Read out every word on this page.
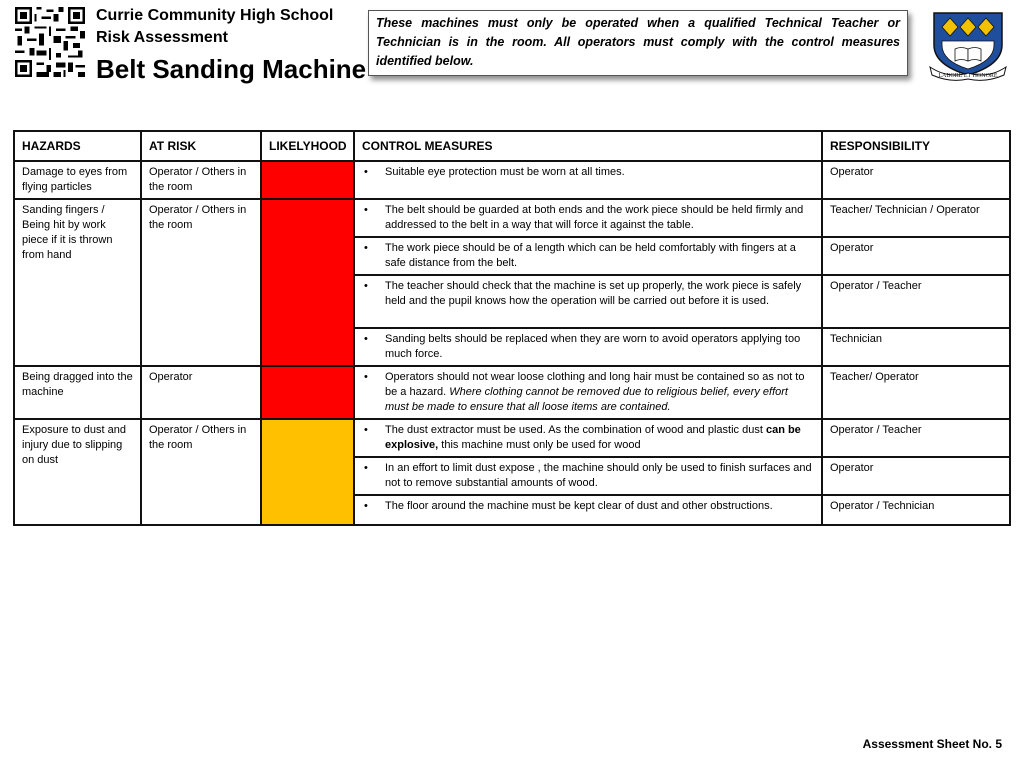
Currie Community High School
Risk Assessment
Belt Sanding Machine
These machines must only be operated when a qualified Technical Teacher or Technician is in the room. All operators must comply with the control measures identified below.
LABORE ET HONORE
HAZARDS	AT RISK	LIKELYHOOD	CONTROL MEASURES	RESPONSIBILITY
Damage to eyes from flying particles	Operator / Others in the room		• Suitable eye protection must be worn at all times.	Operator
Sanding fingers / Being hit by work piece if it is thrown from hand	Operator / Others in the room		• The belt should be guarded at both ends and the work piece should be held firmly and addressed to the belt in a way that will force it against the table.	Teacher/ Technician / Operator

			• The work piece should be of a length which can be held comfortably with fingers at a safe distance from the belt.	Operator

			• The teacher should check that the machine is set up properly, the work piece is safely held and the pupil knows how the operation will be carried out before it is used.	Operator / Teacher

			• Sanding belts should be replaced when they are worn to avoid operators applying too much force.	Technician
Being dragged into the machine	Operator		• Operators should not wear loose clothing and long hair must be contained so as not to be a hazard. Where clothing cannot be removed due to religious belief, every effort must be made to ensure that all loose items are contained.	Teacher/ Operator
Exposure to dust and injury due to slipping on dust	Operator / Others in the room		• The dust extractor must be used. As the combination of wood and plastic dust can be explosive, this machine must only be used for wood	Operator / Teacher

			• In an effort to limit dust expose , the machine should only be used to finish surfaces and not to remove substantial amounts of wood.	Operator

			• The floor around the machine must be kept clear of dust and other obstructions.	Operator / Technician
Assessment Sheet No. 5
